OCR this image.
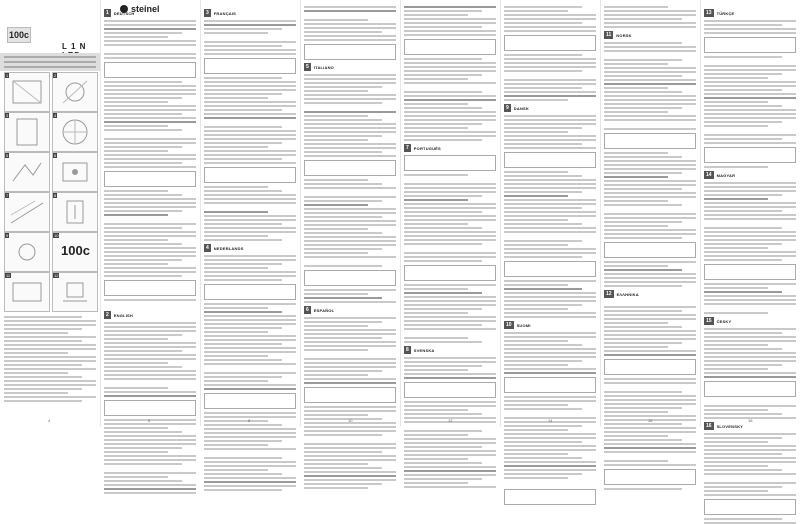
100c
L 1 N
1	2
3	4
5	6
7	8
9	10
100c
11	12
steinel
1	DEUTSCH
2	ENGLISH
3	FRANÇAIS
4	NEDERLANDS
5	ITALIANO
6	ESPAÑOL
7	PORTUGUÊS
8	SVENSKA
9	DANSK
10	SUOMI
11	NORSK
12	ΕΛΛΗΝΙΚΑ
13	TÜRKÇE
14	MAGYAR
15	ČESKY
16	SLOVENSKY
4	6	8	10	12	14	16	18
